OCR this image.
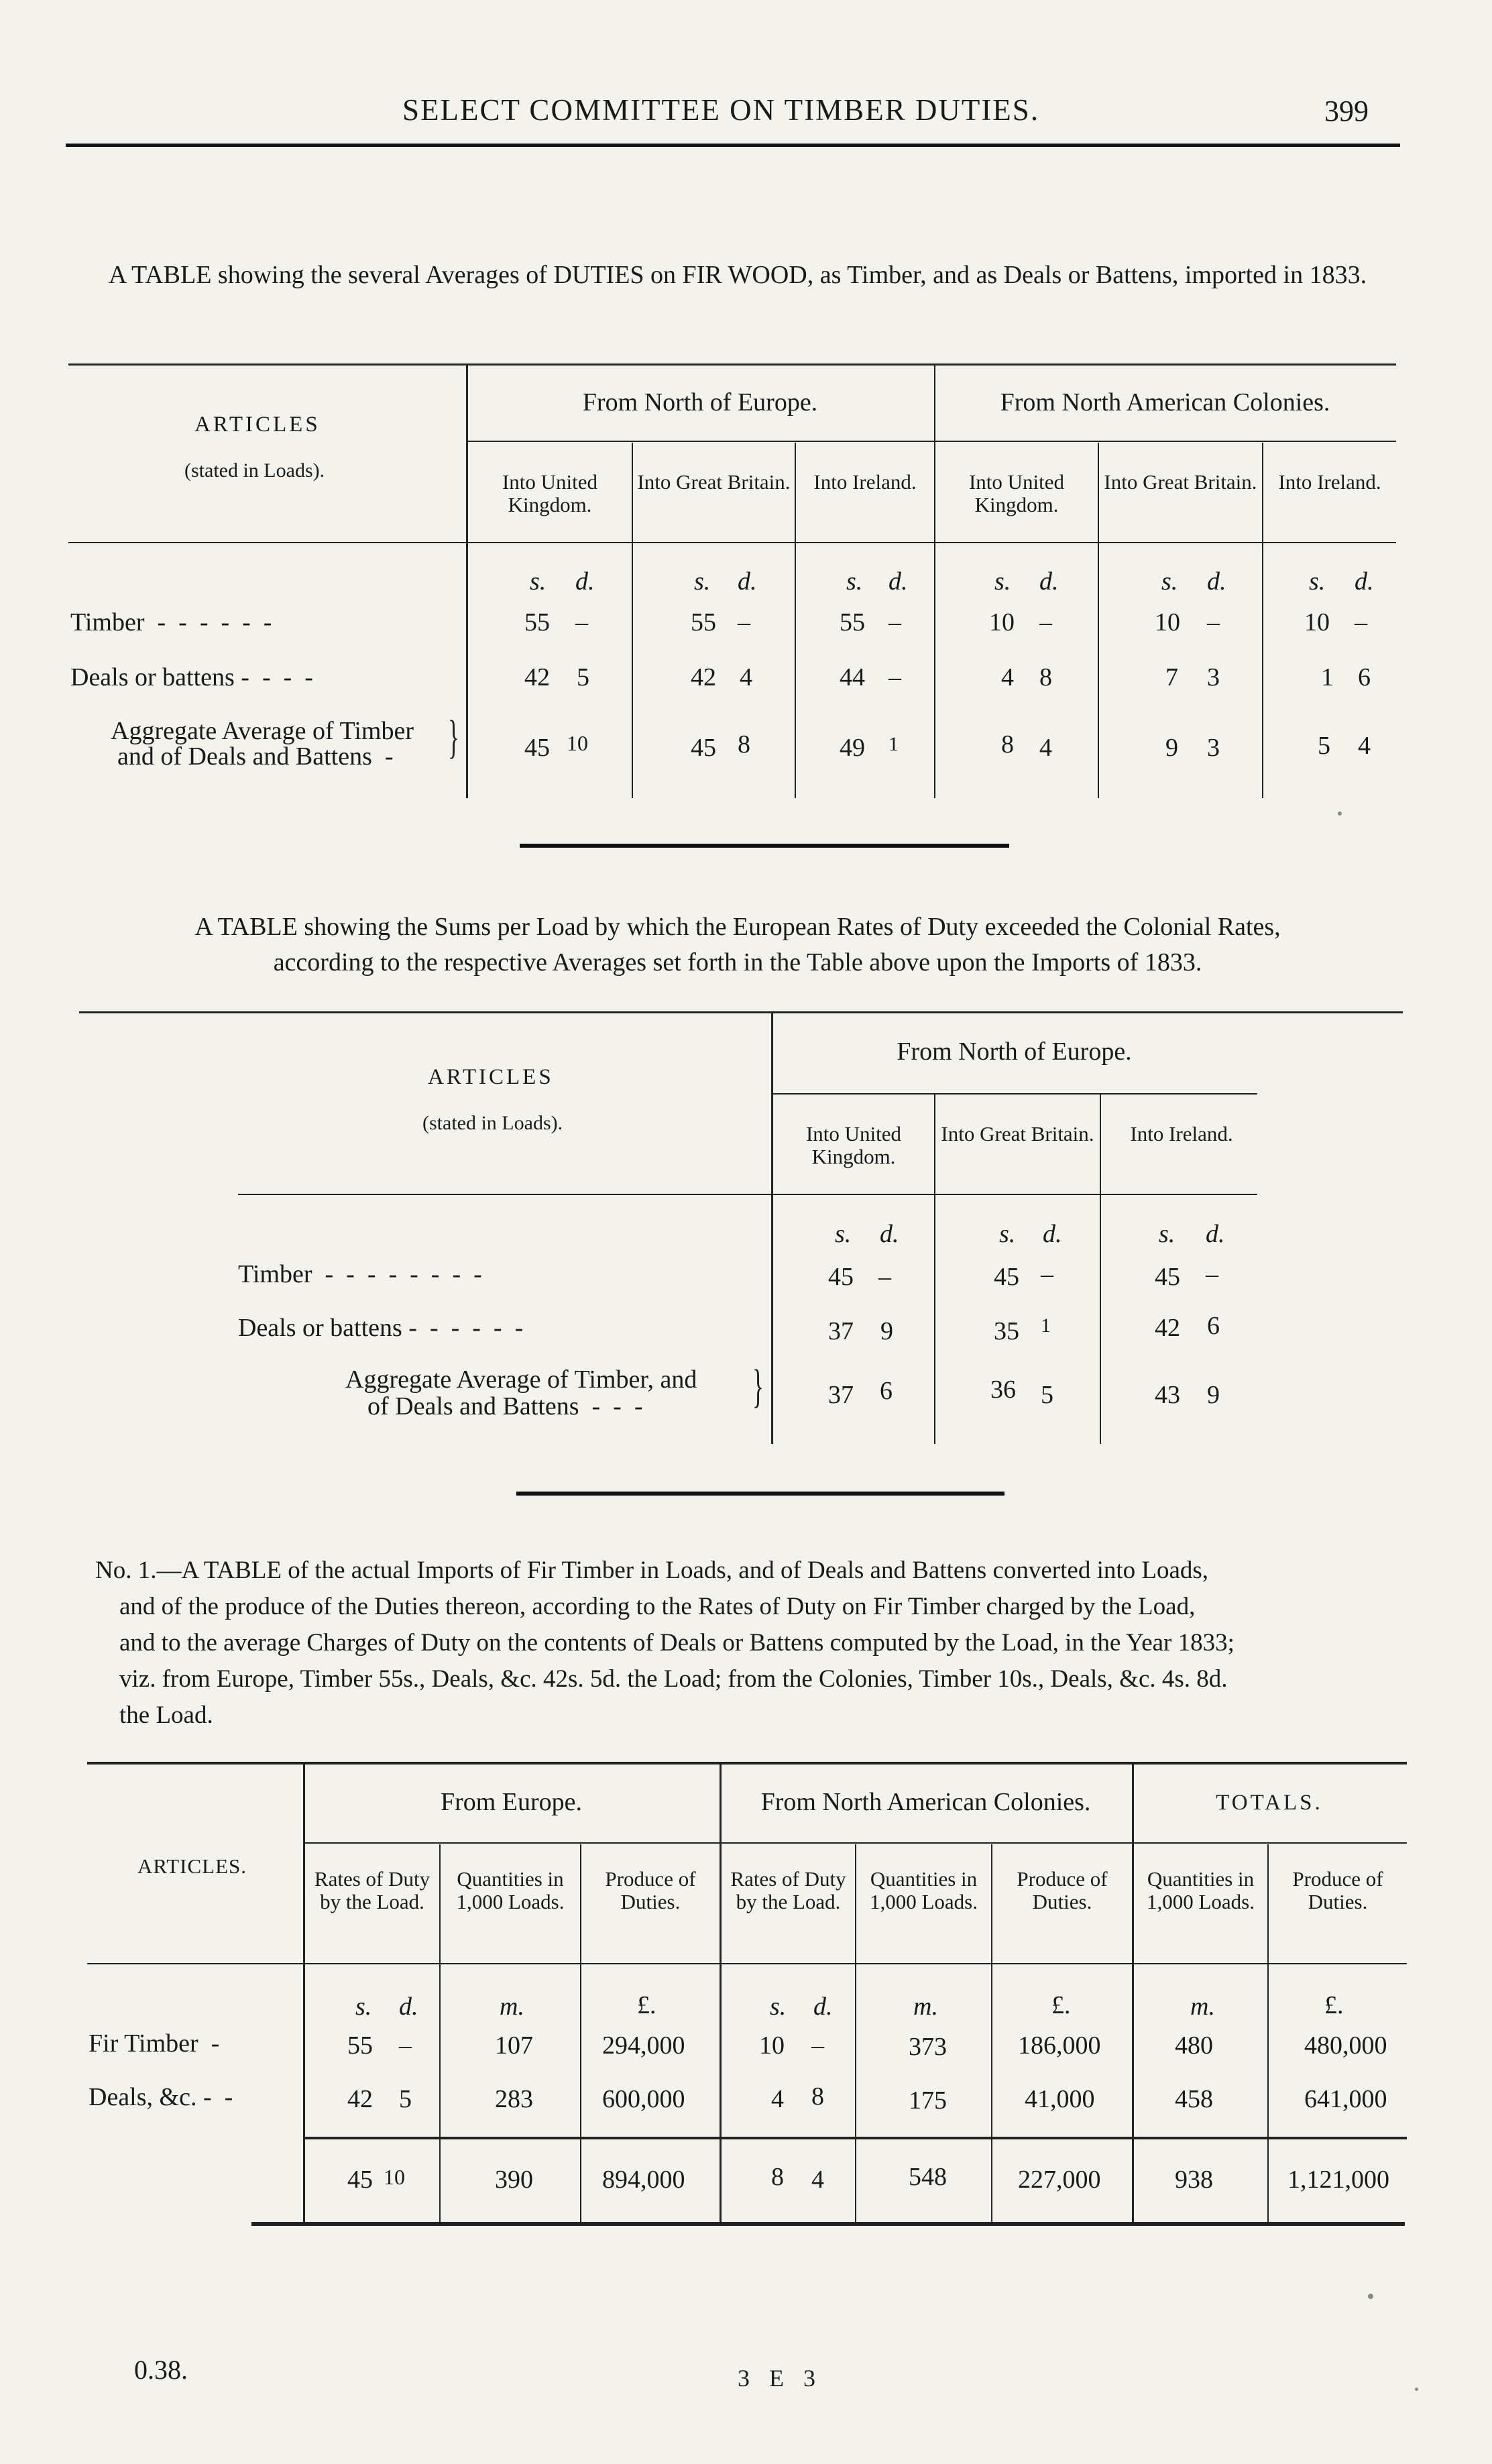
SELECT COMMITTEE ON TIMBER DUTIES.	399
A TABLE showing the several Averages of DUTIES on FIR WOOD, as Timber, and as Deals or Battens, imported in 1833.
ARTICLES
(stated in Loads).
From North of Europe.	From North American Colonies.
Into United Kingdom.
Into Great Britain.	Into Ireland.	Into United Kingdom.
Into Great Britain.	Into Ireland.
s. d.	s. d.	s. d.	s. d.	s. d.	s. d.
Timber  -  -  -  -  -  -
Deals or battens -  -  -  -
Aggregate Average of Timber
and of Deals and Battens  - }
55 –	55 –	55 –	10 –	10 –	10 –
42 5	42 4	44 –	4 8	7 3	1 6
45 10	45 8	49 1	8 4	9 3	5 4
A TABLE showing the Sums per Load by which the European Rates of Duty exceeded the Colonial Rates,
according to the respective Averages set forth in the Table above upon the Imports of 1833.
ARTICLES
(stated in Loads).
From North of Europe.
Into United Kingdom.
Into Great Britain.	Into Ireland.
s. d.	s. d.	s. d.
Timber  -  -  -  -  -  -  -  -
Deals or battens -  -  -  -  -  -
Aggregate Average of Timber, and
of Deals and Battens  -  -  - }
45 –	45 –	45 –
37 9	35 1	42 6
37 6	36 5	43 9
No. 1.—A TABLE of the actual Imports of Fir Timber in Loads, and of Deals and Battens converted into Loads,
and of the produce of the Duties thereon, according to the Rates of Duty on Fir Timber charged by the Load,
and to the average Charges of Duty on the contents of Deals or Battens computed by the Load, in the Year 1833;
viz. from Europe, Timber 55s., Deals, &c. 42s. 5d. the Load; from the Colonies, Timber 10s., Deals, &c. 4s. 8d.
the Load.
ARTICLES.
From Europe.	From North American Colonies.	TOTALS.
Rates of Duty by the Load.
Quantities in 1,000 Loads.
Produce of Duties.
Rates of Duty by the Load.
Quantities in 1,000 Loads.
Produce of Duties.
Quantities in 1,000 Loads.
Produce of Duties.
s. d.	m.	£.	s. d.	m.	£.	m.	£.
Fir Timber  -	55 –	107	294,000	10 –	373	186,000	480	480,000
Deals, &c. -  -	42 5	283	600,000	4 8	175	41,000	458	641,000
45 10	390	894,000	8 4	548	227,000	938	1,121,000
0.38.	3 E 3
